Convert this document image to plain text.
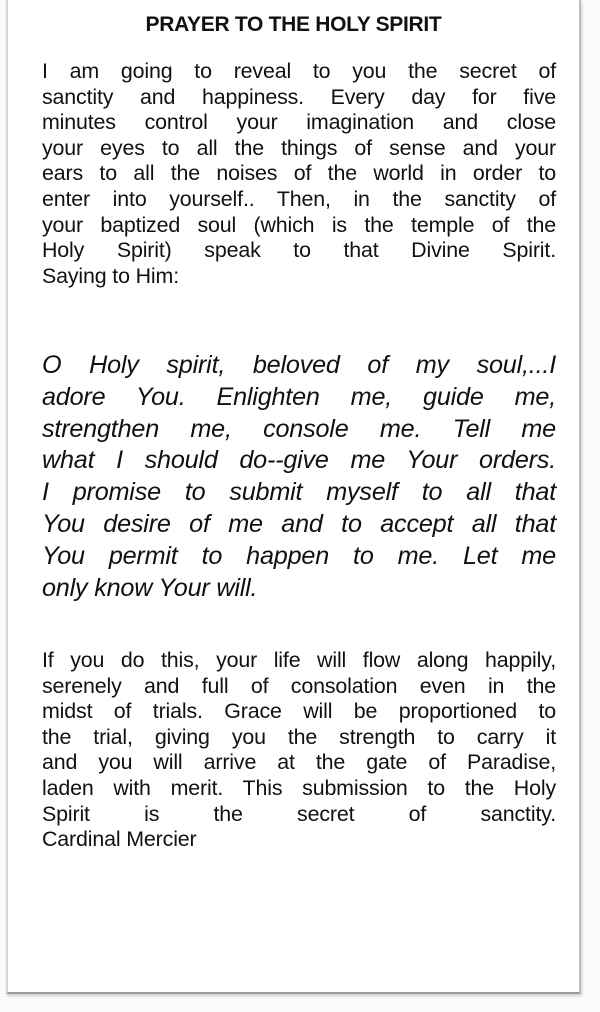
PRAYER TO THE HOLY SPIRIT
I am going to reveal to you the secret of
sanctity and happiness. Every day for five
minutes control your imagination and close
your eyes to all the things of sense and your
ears to all the noises of the world in order to
enter into yourself.. Then, in the sanctity of
your baptized soul (which is the temple of the
Holy Spirit) speak to that Divine Spirit.
Saying to Him:
O Holy spirit, beloved of my soul,...I
adore You. Enlighten me, guide me,
strengthen me, console me. Tell me
what I should do--give me Your orders.
I promise to submit myself to all that
You desire of me and to accept all that
You permit to happen to me. Let me
only know Your will.
If you do this, your life will flow along happily,
serenely and full of consolation even in the
midst of trials. Grace will be proportioned to
the trial, giving you the strength to carry it
and you will arrive at the gate of Paradise,
laden with merit. This submission to the Holy
Spirit is the secret of sanctity.
Cardinal Mercier
